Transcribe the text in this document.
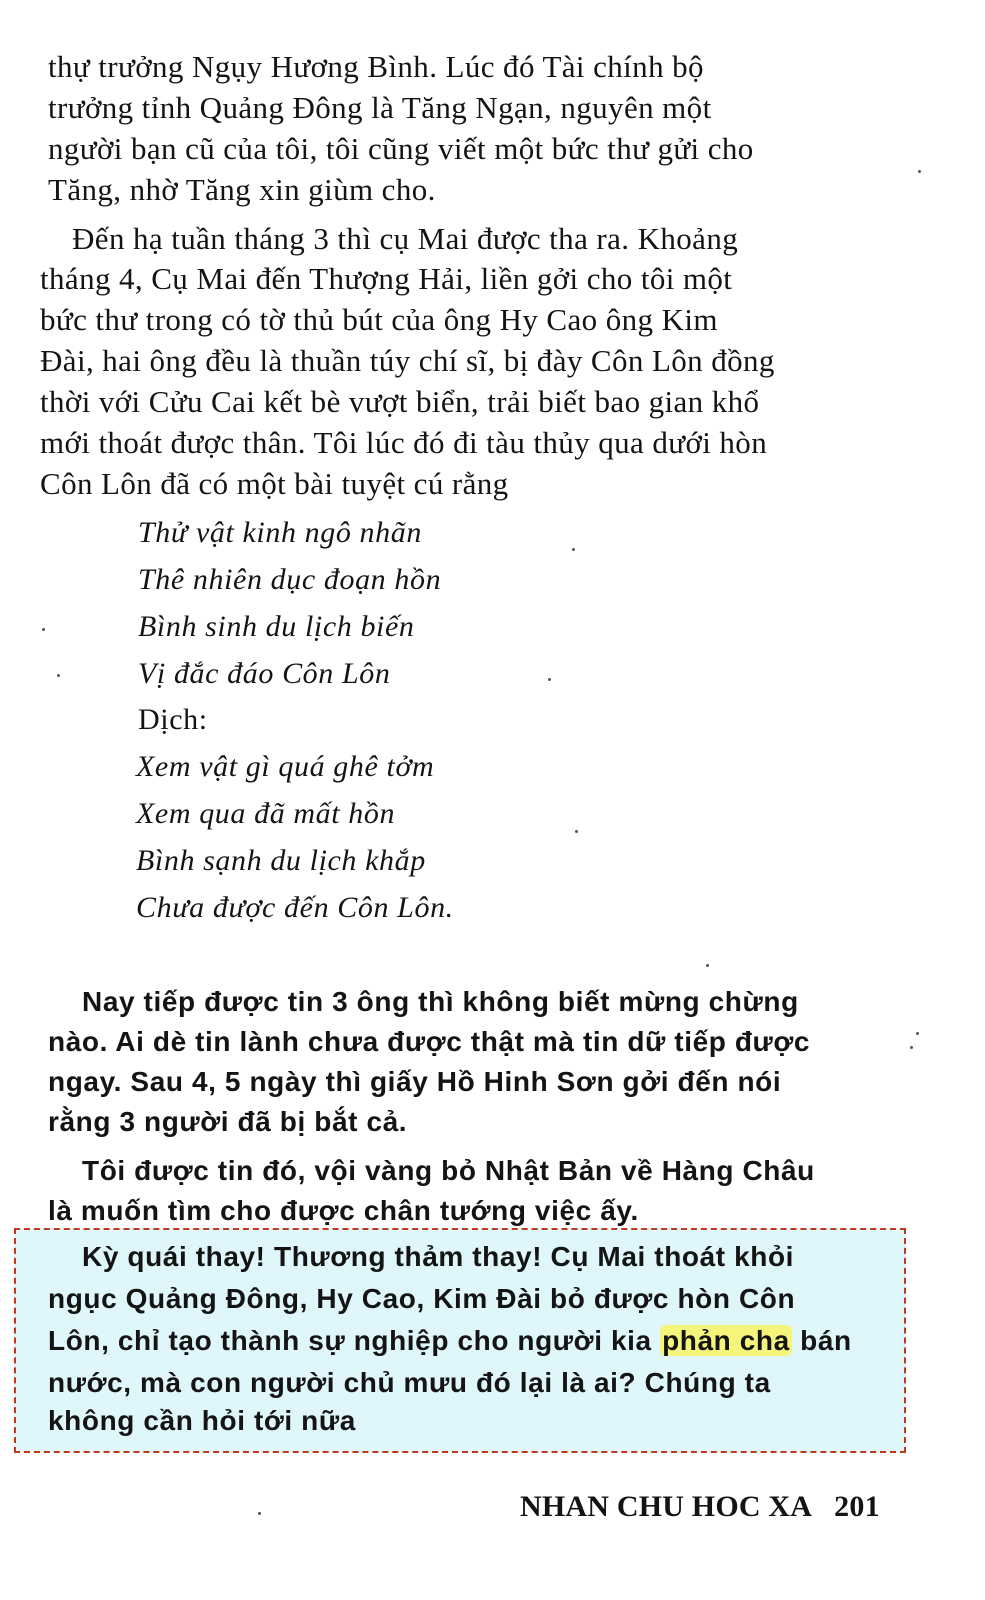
thự trưởng Ngụy Hương Bình. Lúc đó Tài chính bộ
trưởng tỉnh Quảng Đông là Tăng Ngạn, nguyên một
người bạn cũ của tôi, tôi cũng viết một bức thư gửi cho
Tăng, nhờ Tăng xin giùm cho.
Đến hạ tuần tháng 3 thì cụ Mai được tha ra. Khoảng
tháng 4, Cụ Mai đến Thượng Hải, liền gởi cho tôi một
bức thư trong có tờ thủ bút của ông Hy Cao ông Kim
Đài, hai ông đều là thuần túy chí sĩ, bị đày Côn Lôn đồng
thời với Cửu Cai kết bè vượt biển, trải biết bao gian khổ
mới thoát được thân. Tôi lúc đó đi tàu thủy qua dưới hòn
Côn Lôn đã có một bài tuyệt cú rằng
Thử vật kinh ngô nhãn
Thê nhiên dục đoạn hồn
Bình sinh du lịch biến
Vị đắc đáo Côn Lôn
Dịch:
Xem vật gì quá ghê tởm
Xem qua đã mất hồn
Bình sạnh du lịch khắp
Chưa được đến Côn Lôn.
Nay tiếp được tin 3 ông thì không biết mừng chừng
nào. Ai dè tin lành chưa được thật mà tin dữ tiếp được
ngay. Sau 4, 5 ngày thì giấy Hồ Hinh Sơn gởi đến nói
rằng 3 người đã bị bắt cả.
Tôi được tin đó, vội vàng bỏ Nhật Bản về Hàng Châu
là muốn tìm cho được chân tướng việc ấy.
Kỳ quái thay! Thương thảm thay! Cụ Mai thoát khỏi
ngục Quảng Đông, Hy Cao, Kim Đài bỏ được hòn Côn
Lôn, chỉ tạo thành sự nghiệp cho người kia phản cha bán
nước, mà con người chủ mưu đó lại là ai? Chúng ta
không cần hỏi tới nữa
NHAN CHU HOC XA 201
